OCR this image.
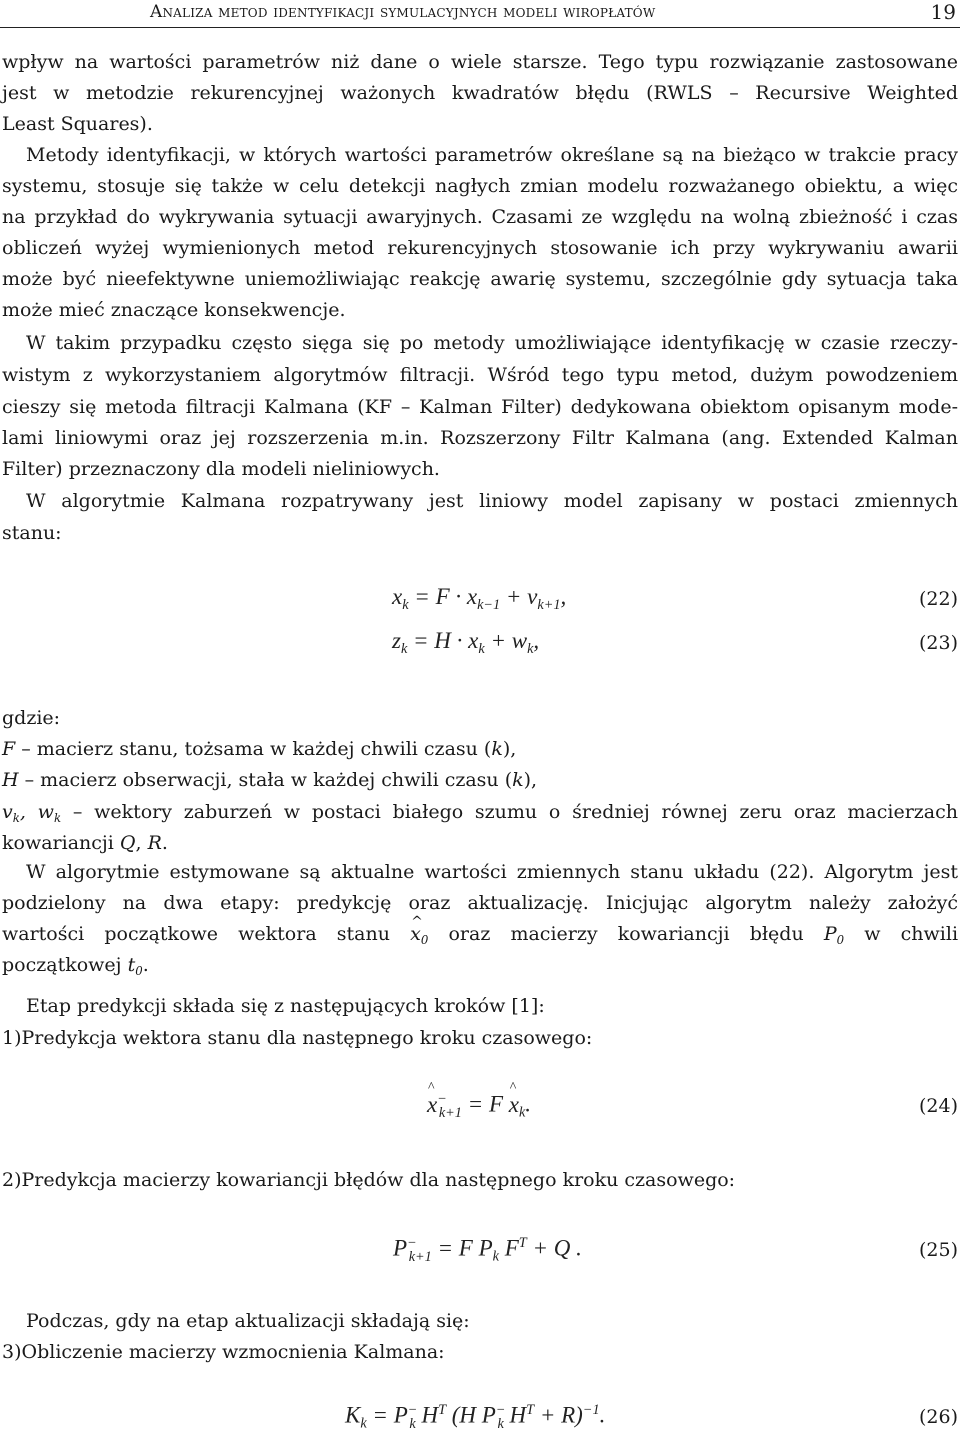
Analiza metod identyfikacji symulacyjnych modeli wiropłatów	19
wpływ na wartości parametrów niż dane o wiele starsze. Tego typu rozwiązanie zastosowane
jest w metodzie rekurencyjnej ważonych kwadratów błędu (RWLS – Recursive Weighted
Least Squares).
Metody identyfikacji, w których wartości parametrów określane są na bieżąco w trakcie pracy
systemu, stosuje się także w celu detekcji nagłych zmian modelu rozważanego obiektu, a więc
na przykład do wykrywania sytuacji awaryjnych. Czasami ze względu na wolną zbieżność i czas
obliczeń wyżej wymienionych metod rekurencyjnych stosowanie ich przy wykrywaniu awarii
może być nieefektywne uniemożliwiając reakcję awarię systemu, szczególnie gdy sytuacja taka
może mieć znaczące konsekwencje.
W takim przypadku często sięga się po metody umożliwiające identyfikację w czasie rzeczy-
wistym z wykorzystaniem algorytmów filtracji. Wśród tego typu metod, dużym powodzeniem
cieszy się metoda filtracji Kalmana (KF – Kalman Filter) dedykowana obiektom opisanym mode-
lami liniowymi oraz jej rozszerzenia m.in. Rozszerzony Filtr Kalmana (ang. Extended Kalman
Filter) przeznaczony dla modeli nieliniowych.
W algorytmie Kalmana rozpatrywany jest liniowy model zapisany w postaci zmiennych
stanu:
$x_k = F \cdot x_{k-1} + v_{k+1}$,	(22)
$z_k = H \cdot x_k + w_k$,	(23)
gdzie:
F – macierz stanu, tożsama w każdej chwili czasu (k),
H – macierz obserwacji, stała w każdej chwili czasu (k),
$v_k$, $w_k$ – wektory zaburzeń w postaci białego szumu o średniej równej zeru oraz macierzach
kowariancji Q, R.
W algorytmie estymowane są aktualne wartości zmiennych stanu układu (22). Algorytm jest
podzielony na dwa etapy: predykcję oraz aktualizację. Inicjując algorytm należy założyć
wartości początkowe wektora stanu ^ $x_0$ oraz macierzy kowariancji błędu $P_0$ w chwili
początkowej $t_0$.
Etap predykcji składa się z następujących kroków [1]:
1)Predykcja wektora stanu dla następnego kroku czasowego:
^ $x^-_{k+1} = F$ ^ $x_k$.	(24)
2)Predykcja macierzy kowariancji błędów dla następnego kroku czasowego:
$P^-_{k+1} = F$ $P_k$ $F^T + Q$ .	(25)
Podczas, gdy na etap aktualizacji składają się:
3)Obliczenie macierzy wzmocnienia Kalmana:
$K_k = P^-_k$ $H^T$ (H $P^-_k$ $H^T + R)^{-1}$.	(26)
